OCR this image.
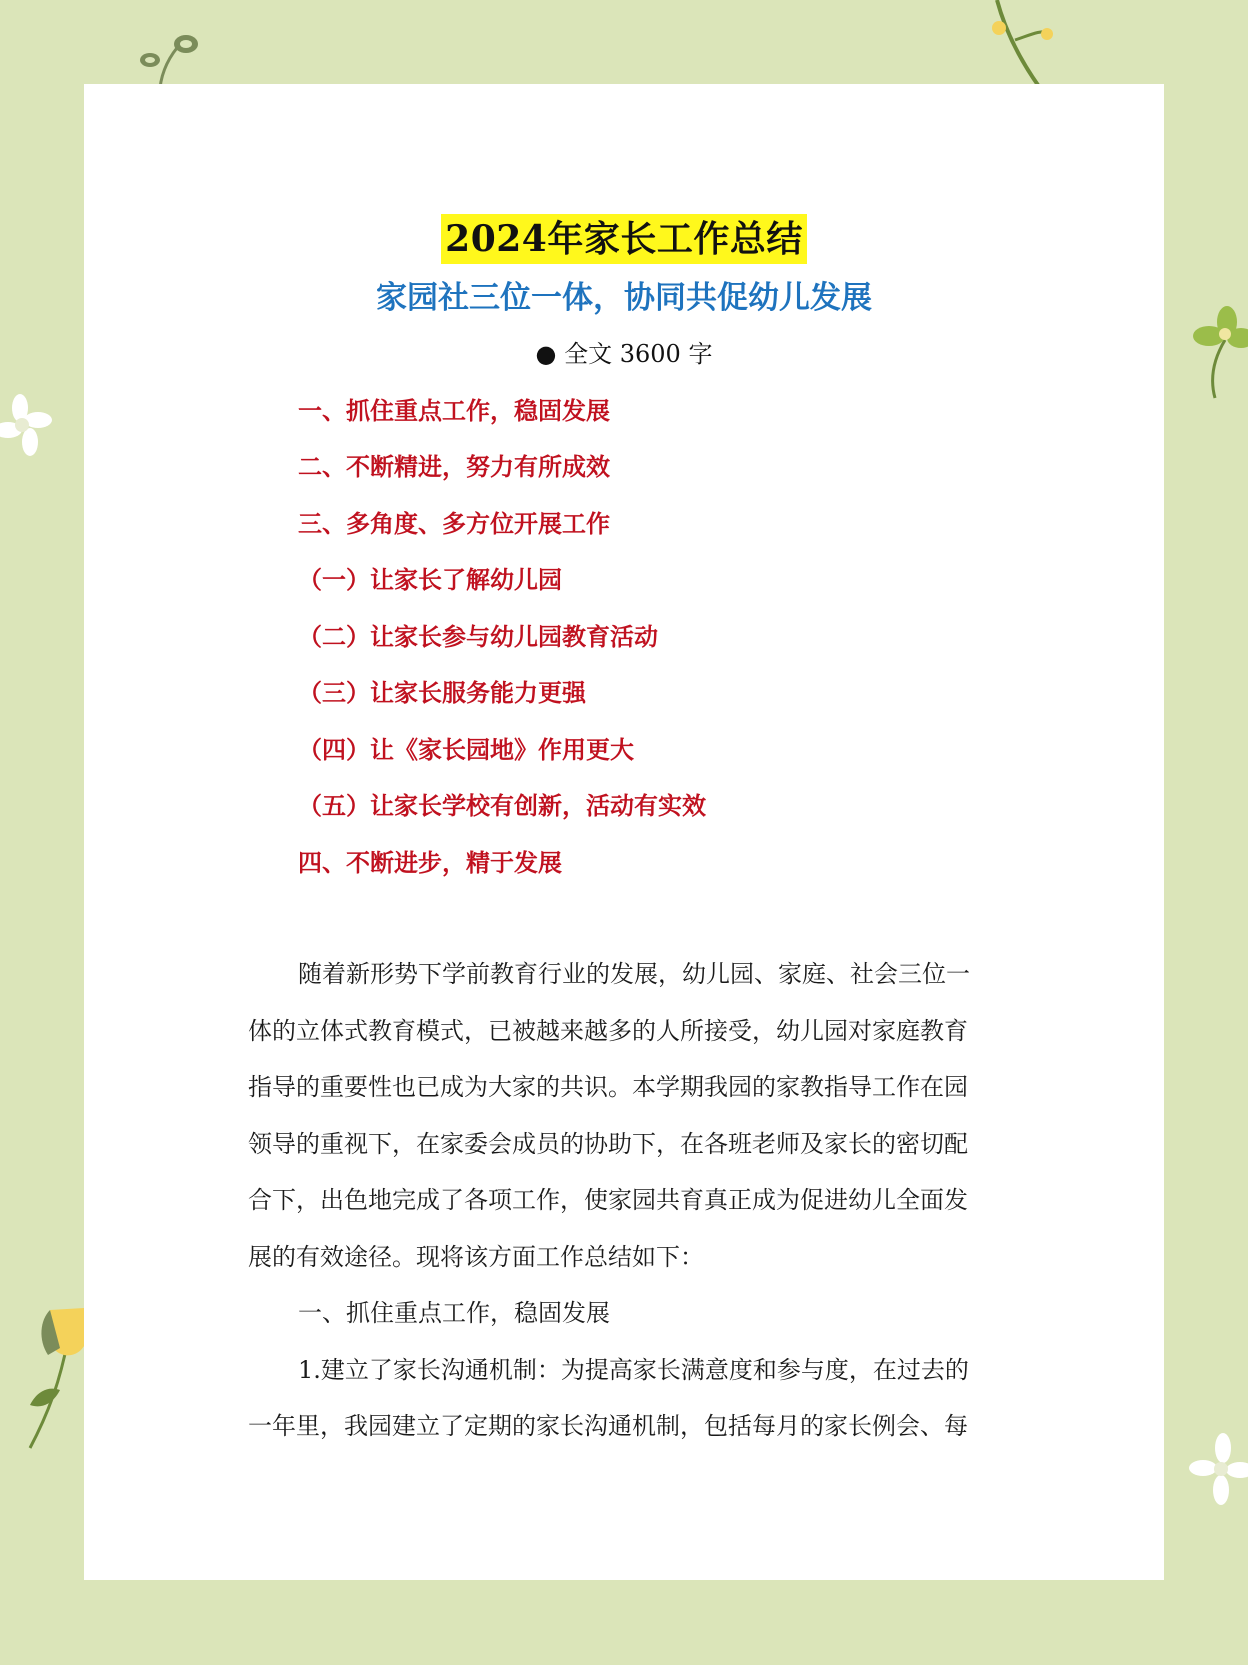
2024年家长工作总结
家园社三位一体，协同共促幼儿发展
● 全文 3600 字
一、抓住重点工作，稳固发展
二、不断精进，努力有所成效
三、多角度、多方位开展工作
（一）让家长了解幼儿园
（二）让家长参与幼儿园教育活动
（三）让家长服务能力更强
（四）让《家长园地》作用更大
（五）让家长学校有创新，活动有实效
四、不断进步，精于发展
随着新形势下学前教育行业的发展，幼儿园、家庭、社会三位一
体的立体式教育模式，已被越来越多的人所接受，幼儿园对家庭教育
指导的重要性也已成为大家的共识。本学期我园的家教指导工作在园
领导的重视下，在家委会成员的协助下，在各班老师及家长的密切配
合下，出色地完成了各项工作，使家园共育真正成为促进幼儿全面发
展的有效途径。现将该方面工作总结如下：
一、抓住重点工作，稳固发展
1.建立了家长沟通机制：为提高家长满意度和参与度，在过去的
一年里，我园建立了定期的家长沟通机制，包括每月的家长例会、每
